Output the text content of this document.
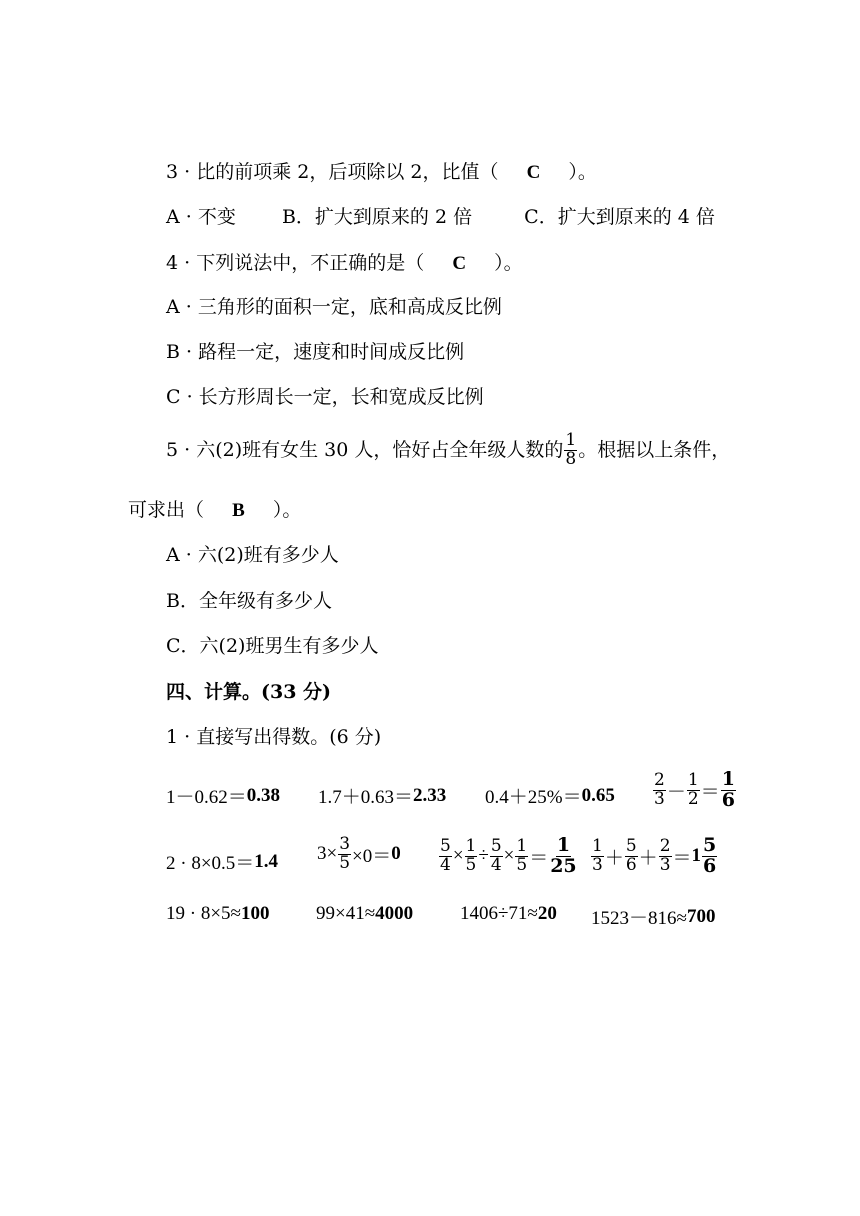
3 · 比的前项乘 2，后项除以 2，比值（ C ）。
A · 不变 B．扩大到原来的 2 倍	C．扩大到原来的 4 倍
4 · 下列说法中，不正确的是（ C ）。
A · 三角形的面积一定，底和高成反比例
B · 路程一定，速度和时间成反比例
C · 长方形周长一定，长和宽成反比例
5 · 六(2)班有女生 30 人，恰好占全年级人数的 $\frac{1}{8}$ 。根据以上条件，
可求出（ B ）。
A · 六(2)班有多少人
B．全年级有多少人
C．六(2)班男生有多少人
四、计算。(33 分)
1 · 直接写出得数。(6 分)
1－0.62＝ 0.38 1.7＋0.63＝ 2.33 $0.4+25\%= 0.65 \frac{2}{3} - \frac{1}{2} = \frac{1}{6}$
2 · 8×0.5＝ 1.4 $3\times \frac{3}{5} \times 0= 0 \frac{5}{4} \times \frac{1}{5} \div \frac{5}{4} \times \frac{1}{5} = \frac{1}{25} \frac{1}{3} + \frac{5}{6} + \frac{2}{3} = 1 \frac{5}{6}$
19 · 8×5≈ 100 99×41≈ 4000 1406÷71≈ 20 1523－816≈ 700
